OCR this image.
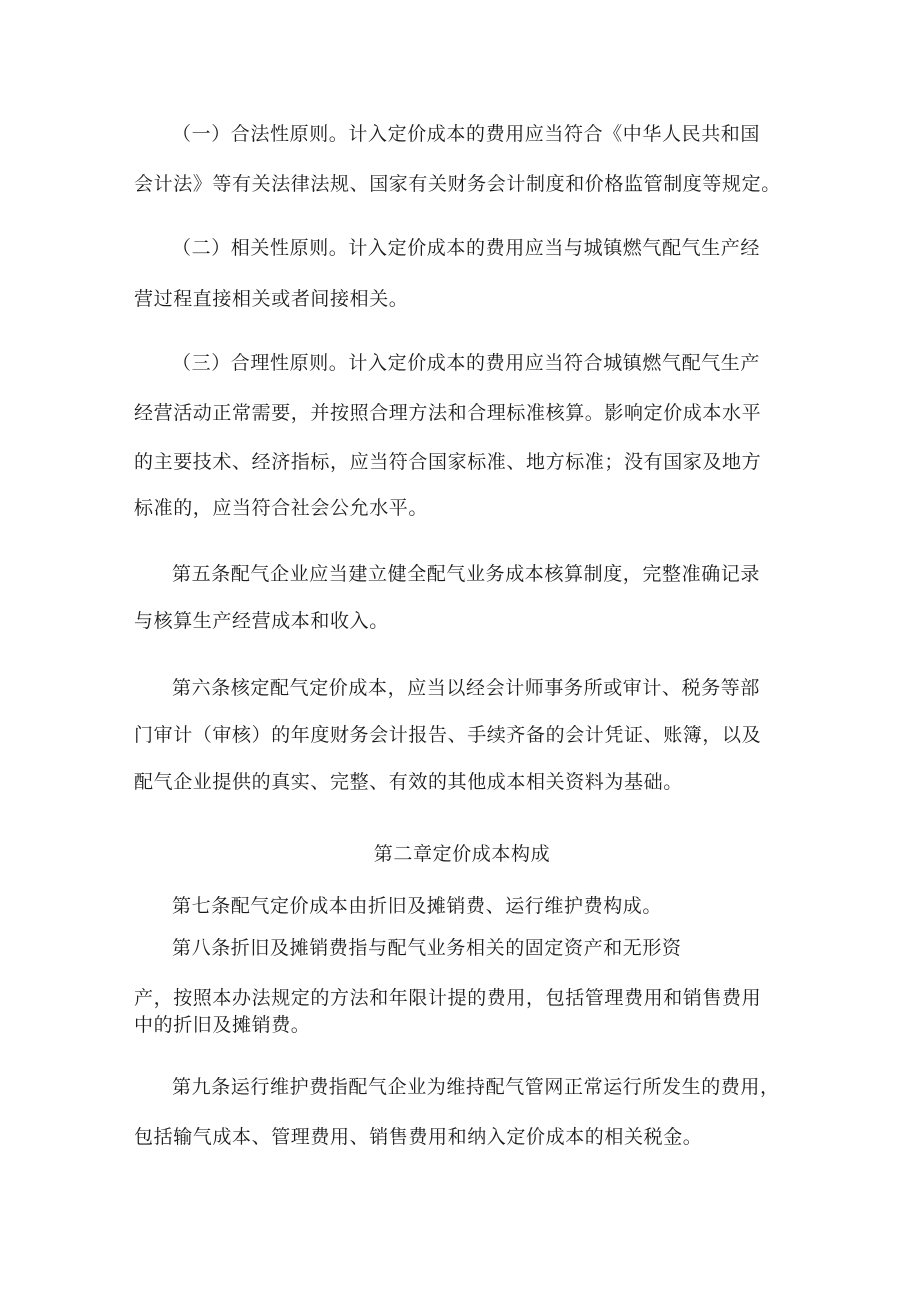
（一）合法性原则。计入定价成本的费用应当符合《中华人民共和国
会计法》等有关法律法规、国家有关财务会计制度和价格监管制度等规定。
（二）相关性原则。计入定价成本的费用应当与城镇燃气配气生产经
营过程直接相关或者间接相关。
（三）合理性原则。计入定价成本的费用应当符合城镇燃气配气生产
经营活动正常需要，并按照合理方法和合理标准核算。影响定价成本水平
的主要技术、经济指标，应当符合国家标准、地方标准；没有国家及地方
标准的，应当符合社会公允水平。
第五条配气企业应当建立健全配气业务成本核算制度，完整准确记录
与核算生产经营成本和收入。
第六条核定配气定价成本，应当以经会计师事务所或审计、税务等部
门审计（审核）的年度财务会计报告、手续齐备的会计凭证、账簿，以及
配气企业提供的真实、完整、有效的其他成本相关资料为基础。
第二章定价成本构成
第七条配气定价成本由折旧及摊销费、运行维护费构成。
第八条折旧及摊销费指与配气业务相关的固定资产和无形资
产，按照本办法规定的方法和年限计提的费用，包括管理费用和销售费用
中的折旧及摊销费。
第九条运行维护费指配气企业为维持配气管网正常运行所发生的费用，
包括输气成本、管理费用、销售费用和纳入定价成本的相关税金。
